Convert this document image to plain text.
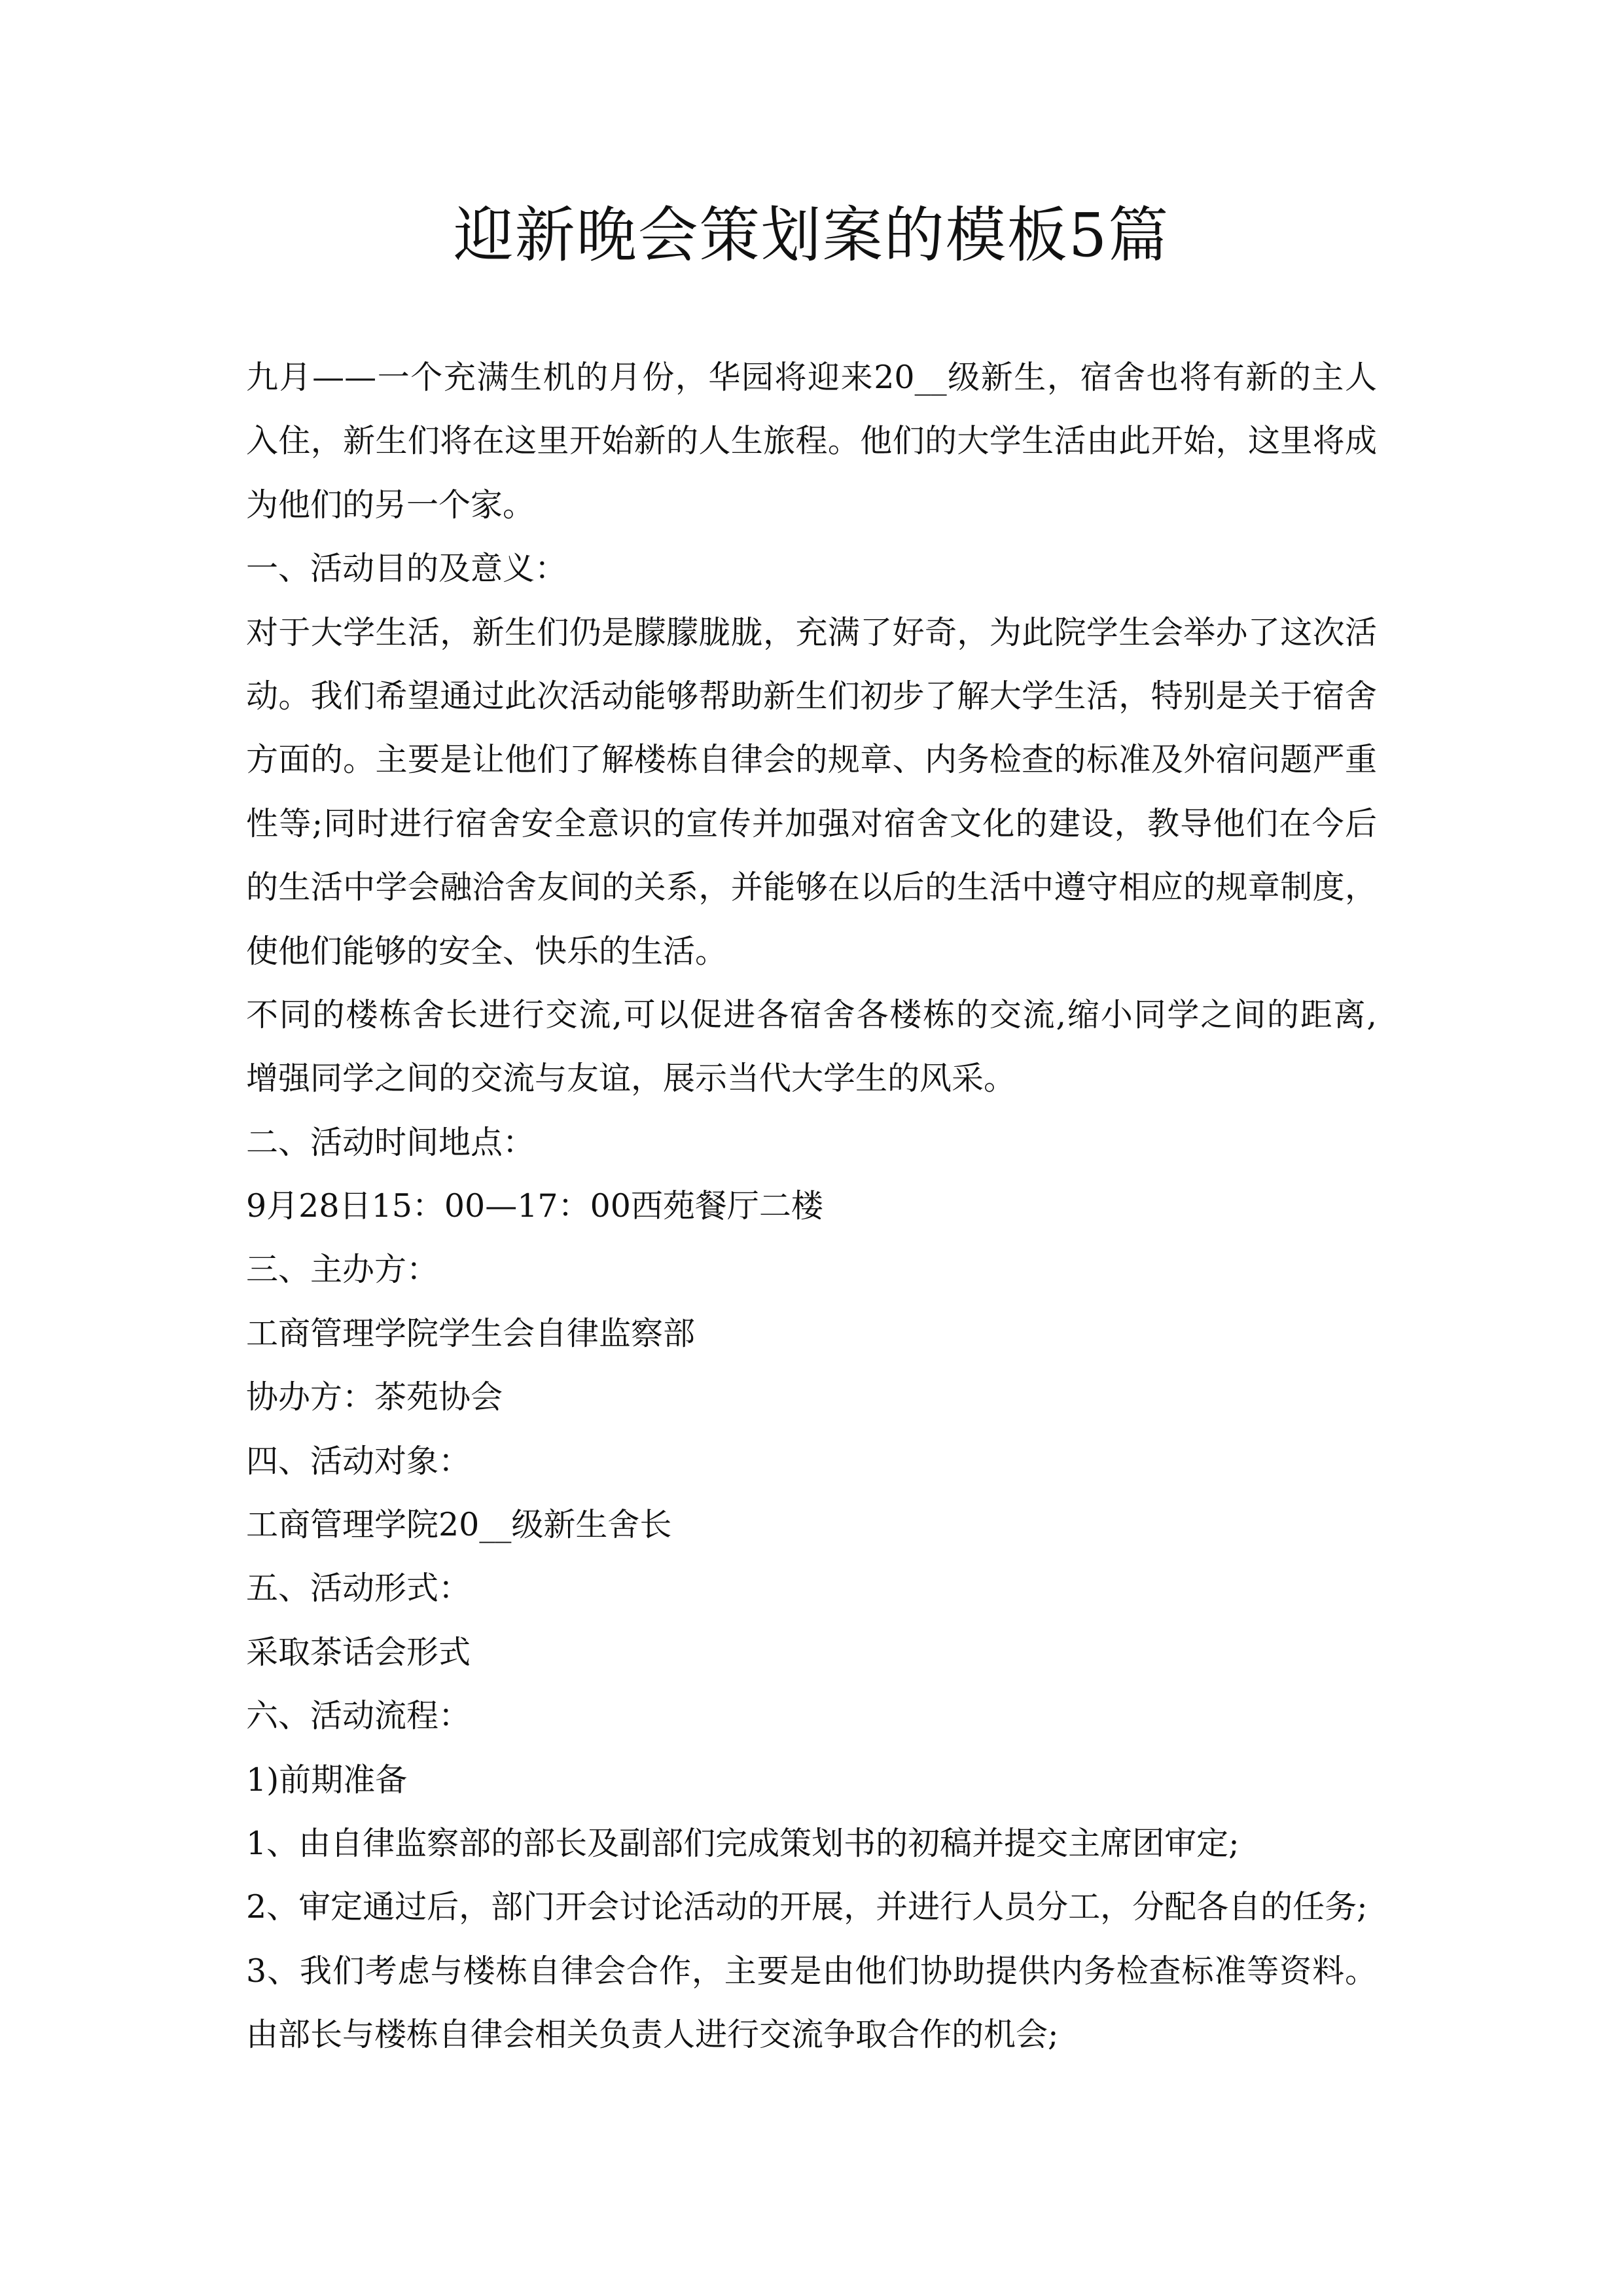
迎新晚会策划案的模板5篇
九月——一个充满生机的月份，华园将迎来20__级新生，宿舍也将有新的主人
入住，新生们将在这里开始新的人生旅程。他们的大学生活由此开始，这里将成
为他们的另一个家。
一、活动目的及意义：
对于大学生活，新生们仍是朦朦胧胧，充满了好奇，为此院学生会举办了这次活
动。我们希望通过此次活动能够帮助新生们初步了解大学生活，特别是关于宿舍
方面的。主要是让他们了解楼栋自律会的规章、内务检查的标准及外宿问题严重
性等;同时进行宿舍安全意识的宣传并加强对宿舍文化的建设，教导他们在今后
的生活中学会融洽舍友间的关系，并能够在以后的生活中遵守相应的规章制度，
使他们能够的安全、快乐的生活。
不同的楼栋舍长进行交流,可以促进各宿舍各楼栋的交流,缩小同学之间的距离,
增强同学之间的交流与友谊，展示当代大学生的风采。
二、活动时间地点：
9月28日15：00—17：00西苑餐厅二楼
三、主办方：
工商管理学院学生会自律监察部
协办方：茶苑协会
四、活动对象：
工商管理学院20__级新生舍长
五、活动形式：
采取茶话会形式
六、活动流程：
1)前期准备
1、由自律监察部的部长及副部们完成策划书的初稿并提交主席团审定;
2、审定通过后，部门开会讨论活动的开展，并进行人员分工，分配各自的任务;
3、我们考虑与楼栋自律会合作，主要是由他们协助提供内务检查标准等资料。
由部长与楼栋自律会相关负责人进行交流争取合作的机会;
